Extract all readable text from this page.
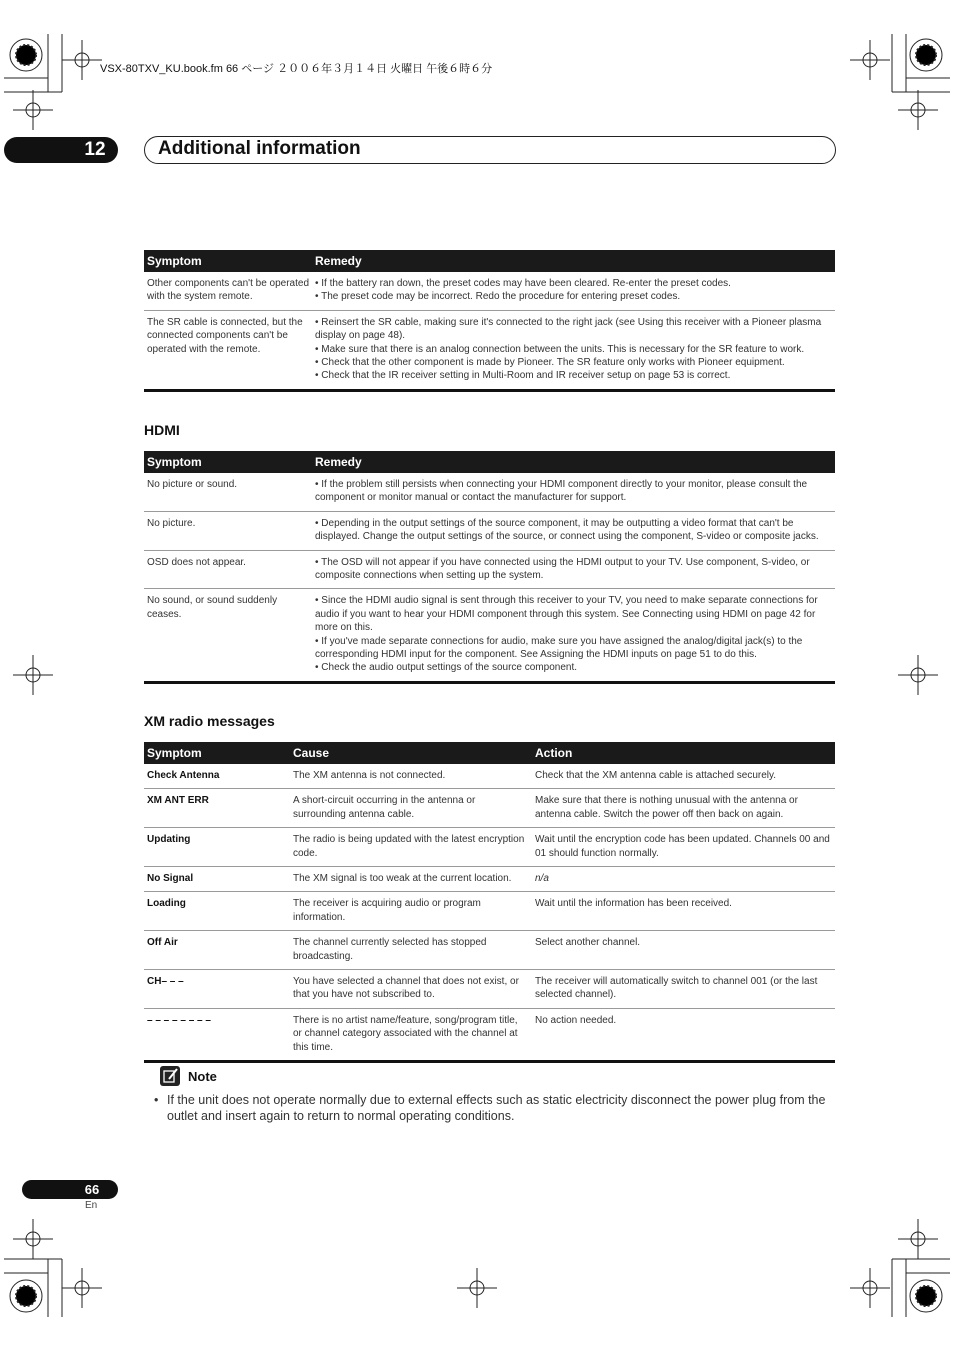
VSX-80TXV_KU.book.fm 66 ページ ２００６年３月１４日 火曜日 午後６時６分
12	Additional information
Symptom	Remedy
Other components can't be operated with the system remote.	• If the battery ran down, the preset codes may have been cleared. Re-enter the preset codes.
• The preset code may be incorrect. Redo the procedure for entering preset codes.
The SR cable is connected, but the connected components can't be operated with the remote.	• Reinsert the SR cable, making sure it's connected to the right jack (see Using this receiver with a Pioneer plasma display on page 48).
• Make sure that there is an analog connection between the units. This is necessary for the SR feature to work.
• Check that the other component is made by Pioneer. The SR feature only works with Pioneer equipment.
• Check that the IR receiver setting in Multi-Room and IR receiver setup on page 53 is correct.
HDMI
Symptom	Remedy
No picture or sound.	• If the problem still persists when connecting your HDMI component directly to your monitor, please consult the component or monitor manual or contact the manufacturer for support.
No picture.	• Depending in the output settings of the source component, it may be outputting a video format that can't be displayed. Change the output settings of the source, or connect using the component, S-video or composite jacks.
OSD does not appear.	• The OSD will not appear if you have connected using the HDMI output to your TV. Use component, S-video, or composite connections when setting up the system.
No sound, or sound suddenly ceases.	• Since the HDMI audio signal is sent through this receiver to your TV, you need to make separate connections for audio if you want to hear your HDMI component through this system. See Connecting using HDMI on page 42 for more on this.
• If you've made separate connections for audio, make sure you have assigned the analog/digital jack(s) to the corresponding HDMI input for the component. See Assigning the HDMI inputs on page 51 to do this.
• Check the audio output settings of the source component.
XM radio messages
Symptom	Cause	Action
Check Antenna	The XM antenna is not connected.	Check that the XM antenna cable is attached securely.
XM ANT ERR	A short-circuit occurring in the antenna or surrounding antenna cable.	Make sure that there is nothing unusual with the antenna or antenna cable. Switch the power off then back on again.
Updating	The radio is being updated with the latest encryption code.	Wait until the encryption code has been updated. Channels 00 and 01 should function normally.
No Signal	The XM signal is too weak at the current location.	n/a
Loading	The receiver is acquiring audio or program information.	Wait until the information has been received.
Off Air	The channel currently selected has stopped broadcasting.	Select another channel.
CH– – –	You have selected a channel that does not exist, or that you have not subscribed to.	The receiver will automatically switch to channel 001 (or the last selected channel).
– – – – – – – –	There is no artist name/feature, song/program title, or channel category associated with the channel at this time.	No action needed.
Note
• If the unit does not operate normally due to external effects such as static electricity disconnect the power plug from the outlet and insert again to return to normal operating conditions.
66
En
